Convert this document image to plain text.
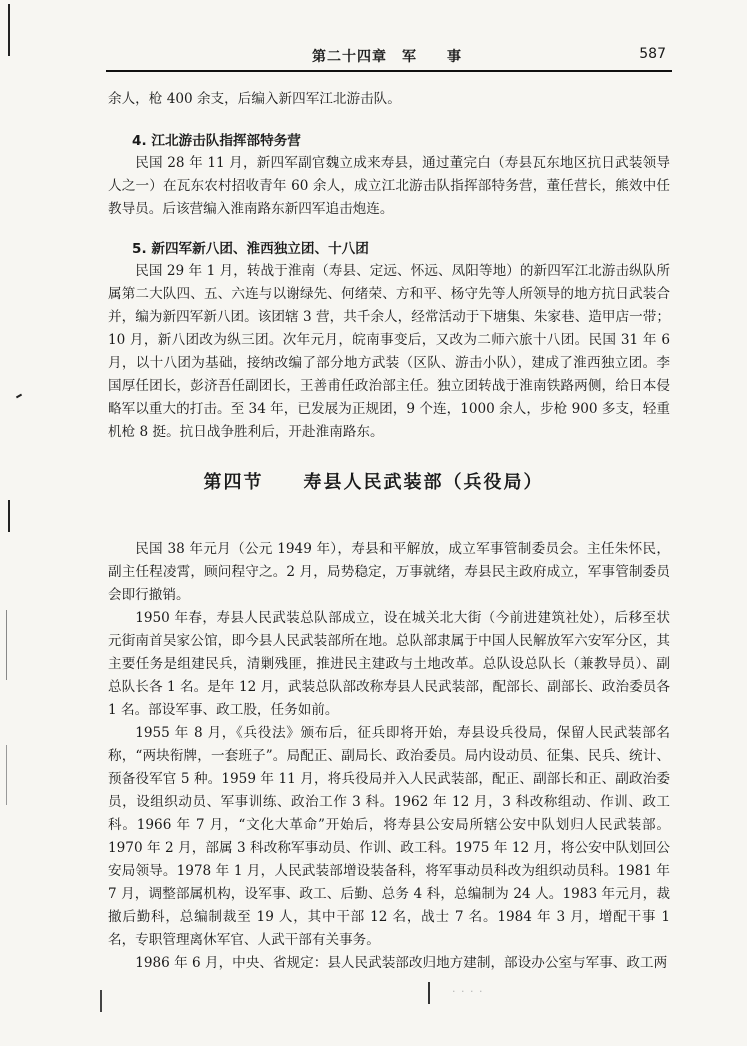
· · · ·
第二十四章　军　　事	587

余人，枪 400 余支，后编入新四军江北游击队。

4. 江北游击队指挥部特务营

民国 28 年 11 月，新四军副官魏立成来寿县，通过董完白（寿县瓦东地区抗日武装领导人之一）在瓦东农村招收青年 60 余人，成立江北游击队指挥部特务营，董任营长，熊效中任教导员。后该营编入淮南路东新四军追击炮连。

5. 新四军新八团、淮西独立团、十八团

民国 29 年 1 月，转战于淮南（寿县、定远、怀远、凤阳等地）的新四军江北游击纵队所属第二大队四、五、六连与以谢绿先、何绪荣、方和平、杨守先等人所领导的地方抗日武装合并，编为新四军新八团。该团辖 3 营，共千余人，经常活动于下塘集、朱家巷、造甲店一带；10 月，新八团改为纵三团。次年元月，皖南事变后，又改为二师六旅十八团。民国 31 年 6 月，以十八团为基础，接纳改编了部分地方武装（区队、游击小队），建成了淮西独立团。李国厚任团长，彭济吾任副团长，王善甫任政治部主任。独立团转战于淮南铁路两侧，给日本侵略军以重大的打击。至 34 年，已发展为正规团，9 个连，1000 余人，步枪 900 多支，轻重机枪 8 挺。抗日战争胜利后，开赴淮南路东。

第四节 寿县人民武装部（兵役局）

民国 38 年元月（公元 1949 年），寿县和平解放，成立军事管制委员会。主任朱怀民，副主任程凌霄，顾问程守之。2 月，局势稳定，万事就绪，寿县民主政府成立，军事管制委员会即行撤销。

1950 年春，寿县人民武装总队部成立，设在城关北大街（今前进建筑社处），后移至状元街南首吴家公馆，即今县人民武装部所在地。总队部隶属于中国人民解放军六安军分区，其主要任务是组建民兵，清剿残匪，推进民主建政与土地改革。总队设总队长（兼教导员）、副总队长各 1 名。是年 12 月，武装总队部改称寿县人民武装部，配部长、副部长、政治委员各 1 名。部设军事、政工股，任务如前。

1955 年 8 月，《兵役法》颁布后，征兵即将开始，寿县设兵役局，保留人民武装部名称，“两块衔牌，一套班子”。局配正、副局长、政治委员。局内设动员、征集、民兵、统计、预备役军官 5 种。1959 年 11 月，将兵役局并入人民武装部，配正、副部长和正、副政治委员，设组织动员、军事训练、政治工作 3 科。1962 年 12 月，3 科改称组动、作训、政工科。1966 年 7 月，“文化大革命”开始后，将寿县公安局所辖公安中队划归人民武装部。1970 年 2 月，部属 3 科改称军事动员、作训、政工科。1975 年 12 月，将公安中队划回公安局领导。1978 年 1 月，人民武装部增设装备科，将军事动员科改为组织动员科。1981 年 7 月，调整部属机构，设军事、政工、后勤、总务 4 科，总编制为 24 人。1983 年元月，裁撤后勤科，总编制裁至 19 人，其中干部 12 名，战士 7 名。1984 年 3 月，增配干事 1 名，专职管理离休军官、人武干部有关事务。

1986 年 6 月，中央、省规定：县人民武装部改归地方建制，部设办公室与军事、政工两
